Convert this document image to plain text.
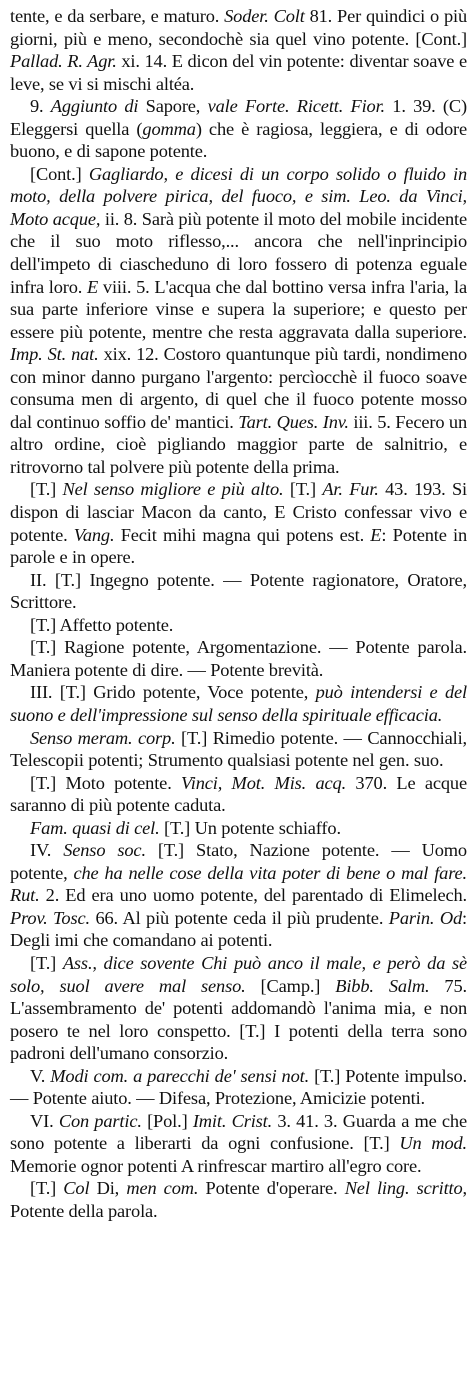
tente, e da serbare, e maturo. Soder. Colt 81. Per quindici o più giorni, più e meno, secondochè sia quel vino potente. [Cont.] Pallad. R. Agr. xi. 14. E dicon del vin potente: diventar soave e leve, se vi si mischi altéa.

9. Aggiunto di Sapore, vale Forte. Ricett. Fior. 1. 39. (C) Eleggersi quella (gomma) che è ragiosa, leggiera, e di odore buono, e di sapone potente.

[Cont.] Gagliardo, e dicesi di un corpo solido o fluido in moto, della polvere pirica, del fuoco, e sim. Leo. da Vinci, Moto acque, ii. 8. Sarà più potente il moto del mobile incidente che il suo moto riflesso,... ancora che nell'inprincipio dell'impeto di ciascheduno di loro fossero di potenza eguale infra loro. E viii. 5. L'acqua che dal bottino versa infra l'aria, la sua parte inferiore vinse e supera la superiore; e questo per essere più potente, mentre che resta aggravata dalla superiore. Imp. St. nat. xix. 12. Costoro quantunque più tardi, nondimeno con minor danno purgano l'argento: percìocchè il fuoco soave consuma men di argento, di quel che il fuoco potente mosso dal continuo soffio de' mantici. Tart. Ques. Inv. iii. 5. Fecero un altro ordine, cioè pigliando maggior parte de salnitrio, e ritrovorno tal polvere più potente della prima.

[T.] Nel senso migliore e più alto. [T.] Ar. Fur. 43. 193. Si dispon di lasciar Macon da canto, E Cristo confessar vivo e potente. Vang. Fecit mihi magna qui potens est. E: Potente in parole e in opere.

II. [T.] Ingegno potente. — Potente ragionatore, Oratore, Scrittore.

[T.] Affetto potente.

[T.] Ragione potente, Argomentazione. — Potente parola. Maniera potente di dire. — Potente brevità.

III. [T.] Grido potente, Voce potente, può intendersi e del suono e dell'impressione sul senso della spirituale efficacia.

Senso meram. corp. [T.] Rimedio potente. — Cannocchiali, Telescopii potenti; Strumento qualsiasi potente nel gen. suo.

[T.] Moto potente. Vinci, Mot. Mis. acq. 370. Le acque saranno di più potente caduta.

Fam. quasi di cel. [T.] Un potente schiaffo.

IV. Senso soc. [T.] Stato, Nazione potente. — Uomo potente, che ha nelle cose della vita poter di bene o mal fare. Rut. 2. Ed era uno uomo potente, del parentado di Elimelech. Prov. Tosc. 66. Al più potente ceda il più prudente. Parin. Od: Degli imi che comandano ai potenti.

[T.] Ass., dice sovente Chi può anco il male, e però da sè solo, suol avere mal senso. [Camp.] Bibb. Salm. 75. L'assembramento de' potenti addomandò l'anima mia, e non posero te nel loro conspetto. [T.] I potenti della terra sono padroni dell'umano consorzio.

V. Modi com. a parecchi de' sensi not. [T.] Potente impulso. — Potente aiuto. — Difesa, Protezione, Amicizie potenti.

VI. Con partic. [Pol.] Imit. Crist. 3. 41. 3. Guarda a me che sono potente a liberarti da ogni confusione. [T.] Un mod. Memorie ognor potenti A rinfrescar martiro all'egro core.

[T.] Col Di, men com. Potente d'operare. Nel ling. scritto, Potente della parola.
